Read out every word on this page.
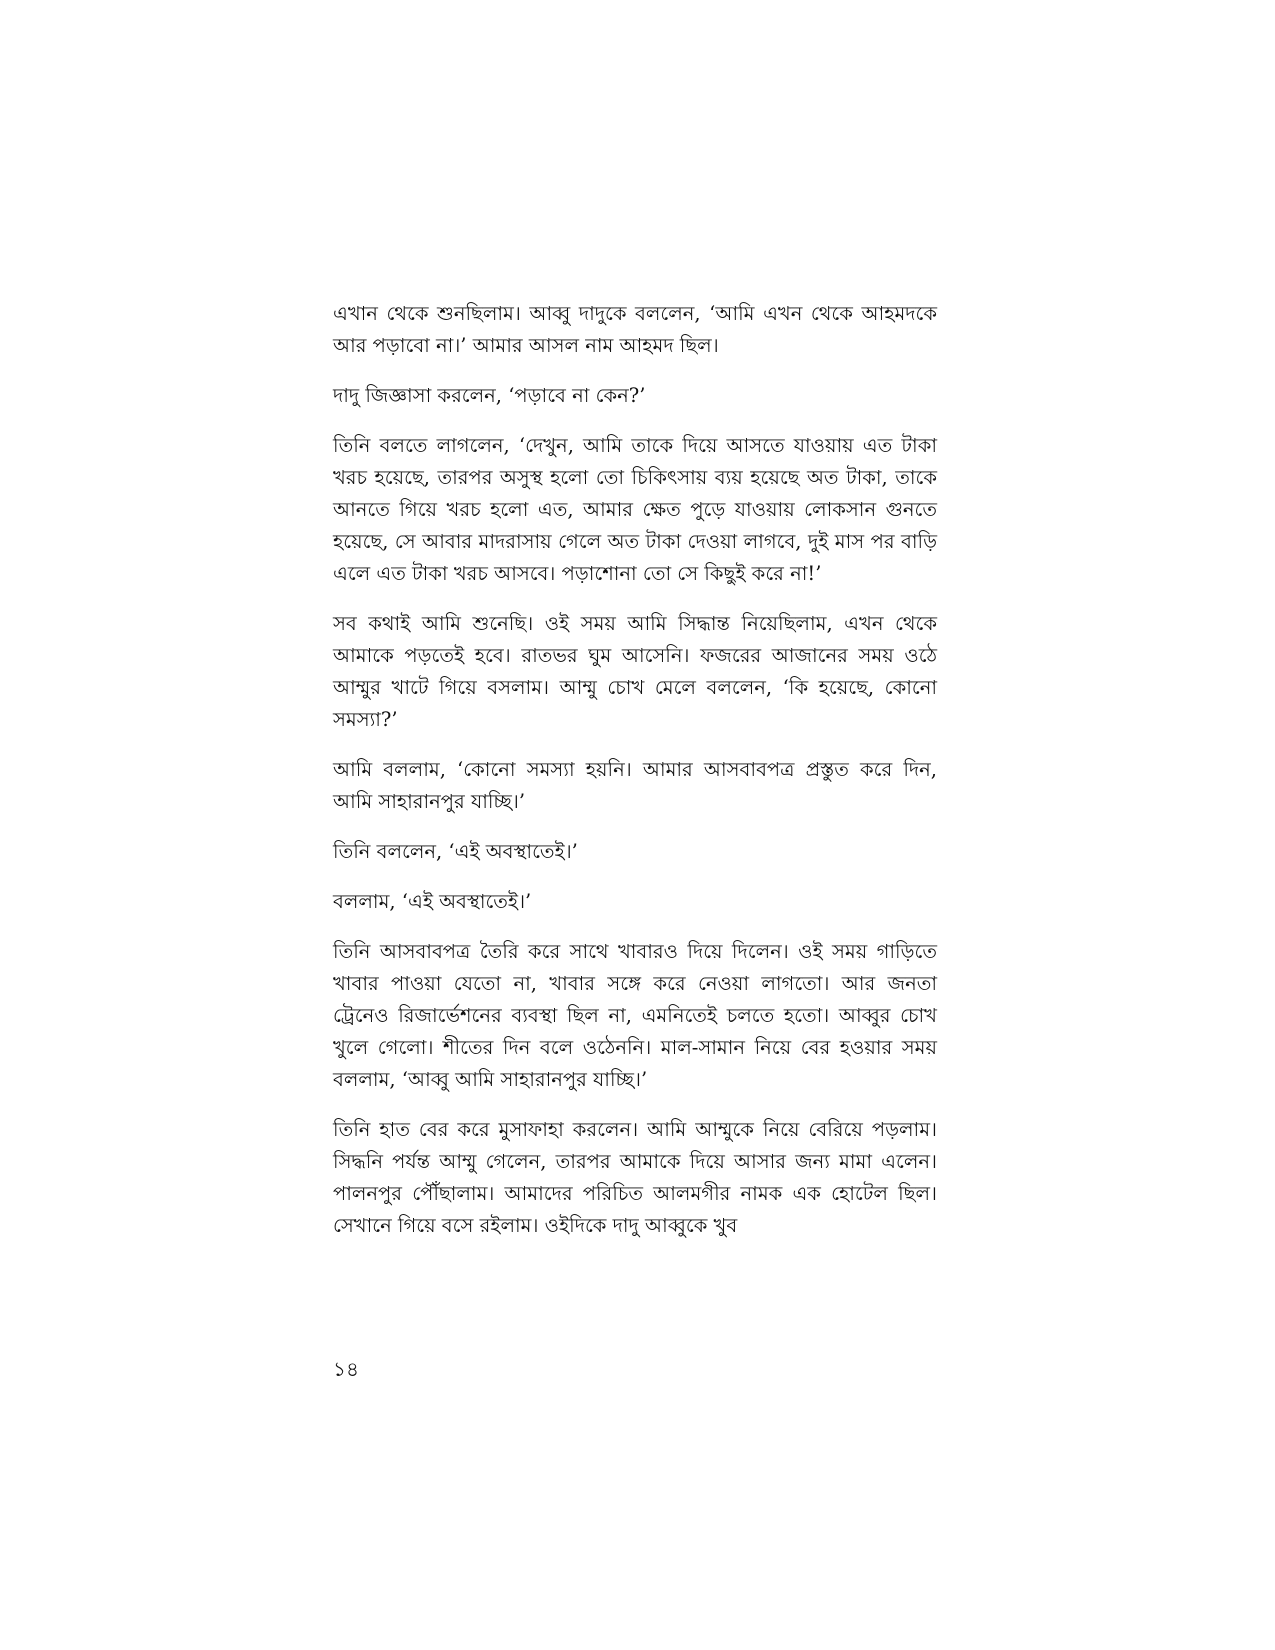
এখান থেকে শুনছিলাম। আব্বু দাদুকে বললেন, ‘আমি এখন থেকে আহমদকে আর পড়াবো না।’ আমার আসল নাম আহমদ ছিল।

দাদু জিজ্ঞাসা করলেন, ‘পড়াবে না কেন?’

তিনি বলতে লাগলেন, ‘দেখুন, আমি তাকে দিয়ে আসতে যাওয়ায় এত টাকা খরচ হয়েছে, তারপর অসুস্থ হলো তো চিকিৎসায় ব্যয় হয়েছে অত টাকা, তাকে আনতে গিয়ে খরচ হলো এত, আমার ক্ষেত পুড়ে যাওয়ায় লোকসান গুনতে হয়েছে, সে আবার মাদরাসায় গেলে অত টাকা দেওয়া লাগবে, দুই মাস পর বাড়ি এলে এত টাকা খরচ আসবে। পড়াশোনা তো সে কিছুই করে না!’

সব কথাই আমি শুনেছি। ওই সময় আমি সিদ্ধান্ত নিয়েছিলাম, এখন থেকে আমাকে পড়তেই হবে। রাতভর ঘুম আসেনি। ফজরের আজানের সময় ওঠে আম্মুর খাটে গিয়ে বসলাম। আম্মু চোখ মেলে বললেন, ‘কি হয়েছে, কোনো সমস্যা?’

আমি বললাম, ‘কোনো সমস্যা হয়নি। আমার আসবাবপত্র প্রস্তুত করে দিন, আমি সাহারানপুর যাচ্ছি।’

তিনি বললেন, ‘এই অবস্থাতেই।’

বললাম, ‘এই অবস্থাতেই।’

তিনি আসবাবপত্র তৈরি করে সাথে খাবারও দিয়ে দিলেন। ওই সময় গাড়িতে খাবার পাওয়া যেতো না, খাবার সঙ্গে করে নেওয়া লাগতো। আর জনতা ট্রেনেও রিজার্ভেশনের ব্যবস্থা ছিল না, এমনিতেই চলতে হতো। আব্বুর চোখ খুলে গেলো। শীতের দিন বলে ওঠেননি। মাল-সামান নিয়ে বের হওয়ার সময় বললাম, ‘আব্বু আমি সাহারানপুর যাচ্ছি।’

তিনি হাত বের করে মুসাফাহা করলেন। আমি আম্মুকে নিয়ে বেরিয়ে পড়লাম। সিদ্ধনি পর্যন্ত আম্মু গেলেন, তারপর আমাকে দিয়ে আসার জন্য মামা এলেন। পালনপুর পৌঁছালাম। আমাদের পরিচিত আলমগীর নামক এক হোটেল ছিল। সেখানে গিয়ে বসে রইলাম। ওইদিকে দাদু আব্বুকে খুব

১৪
